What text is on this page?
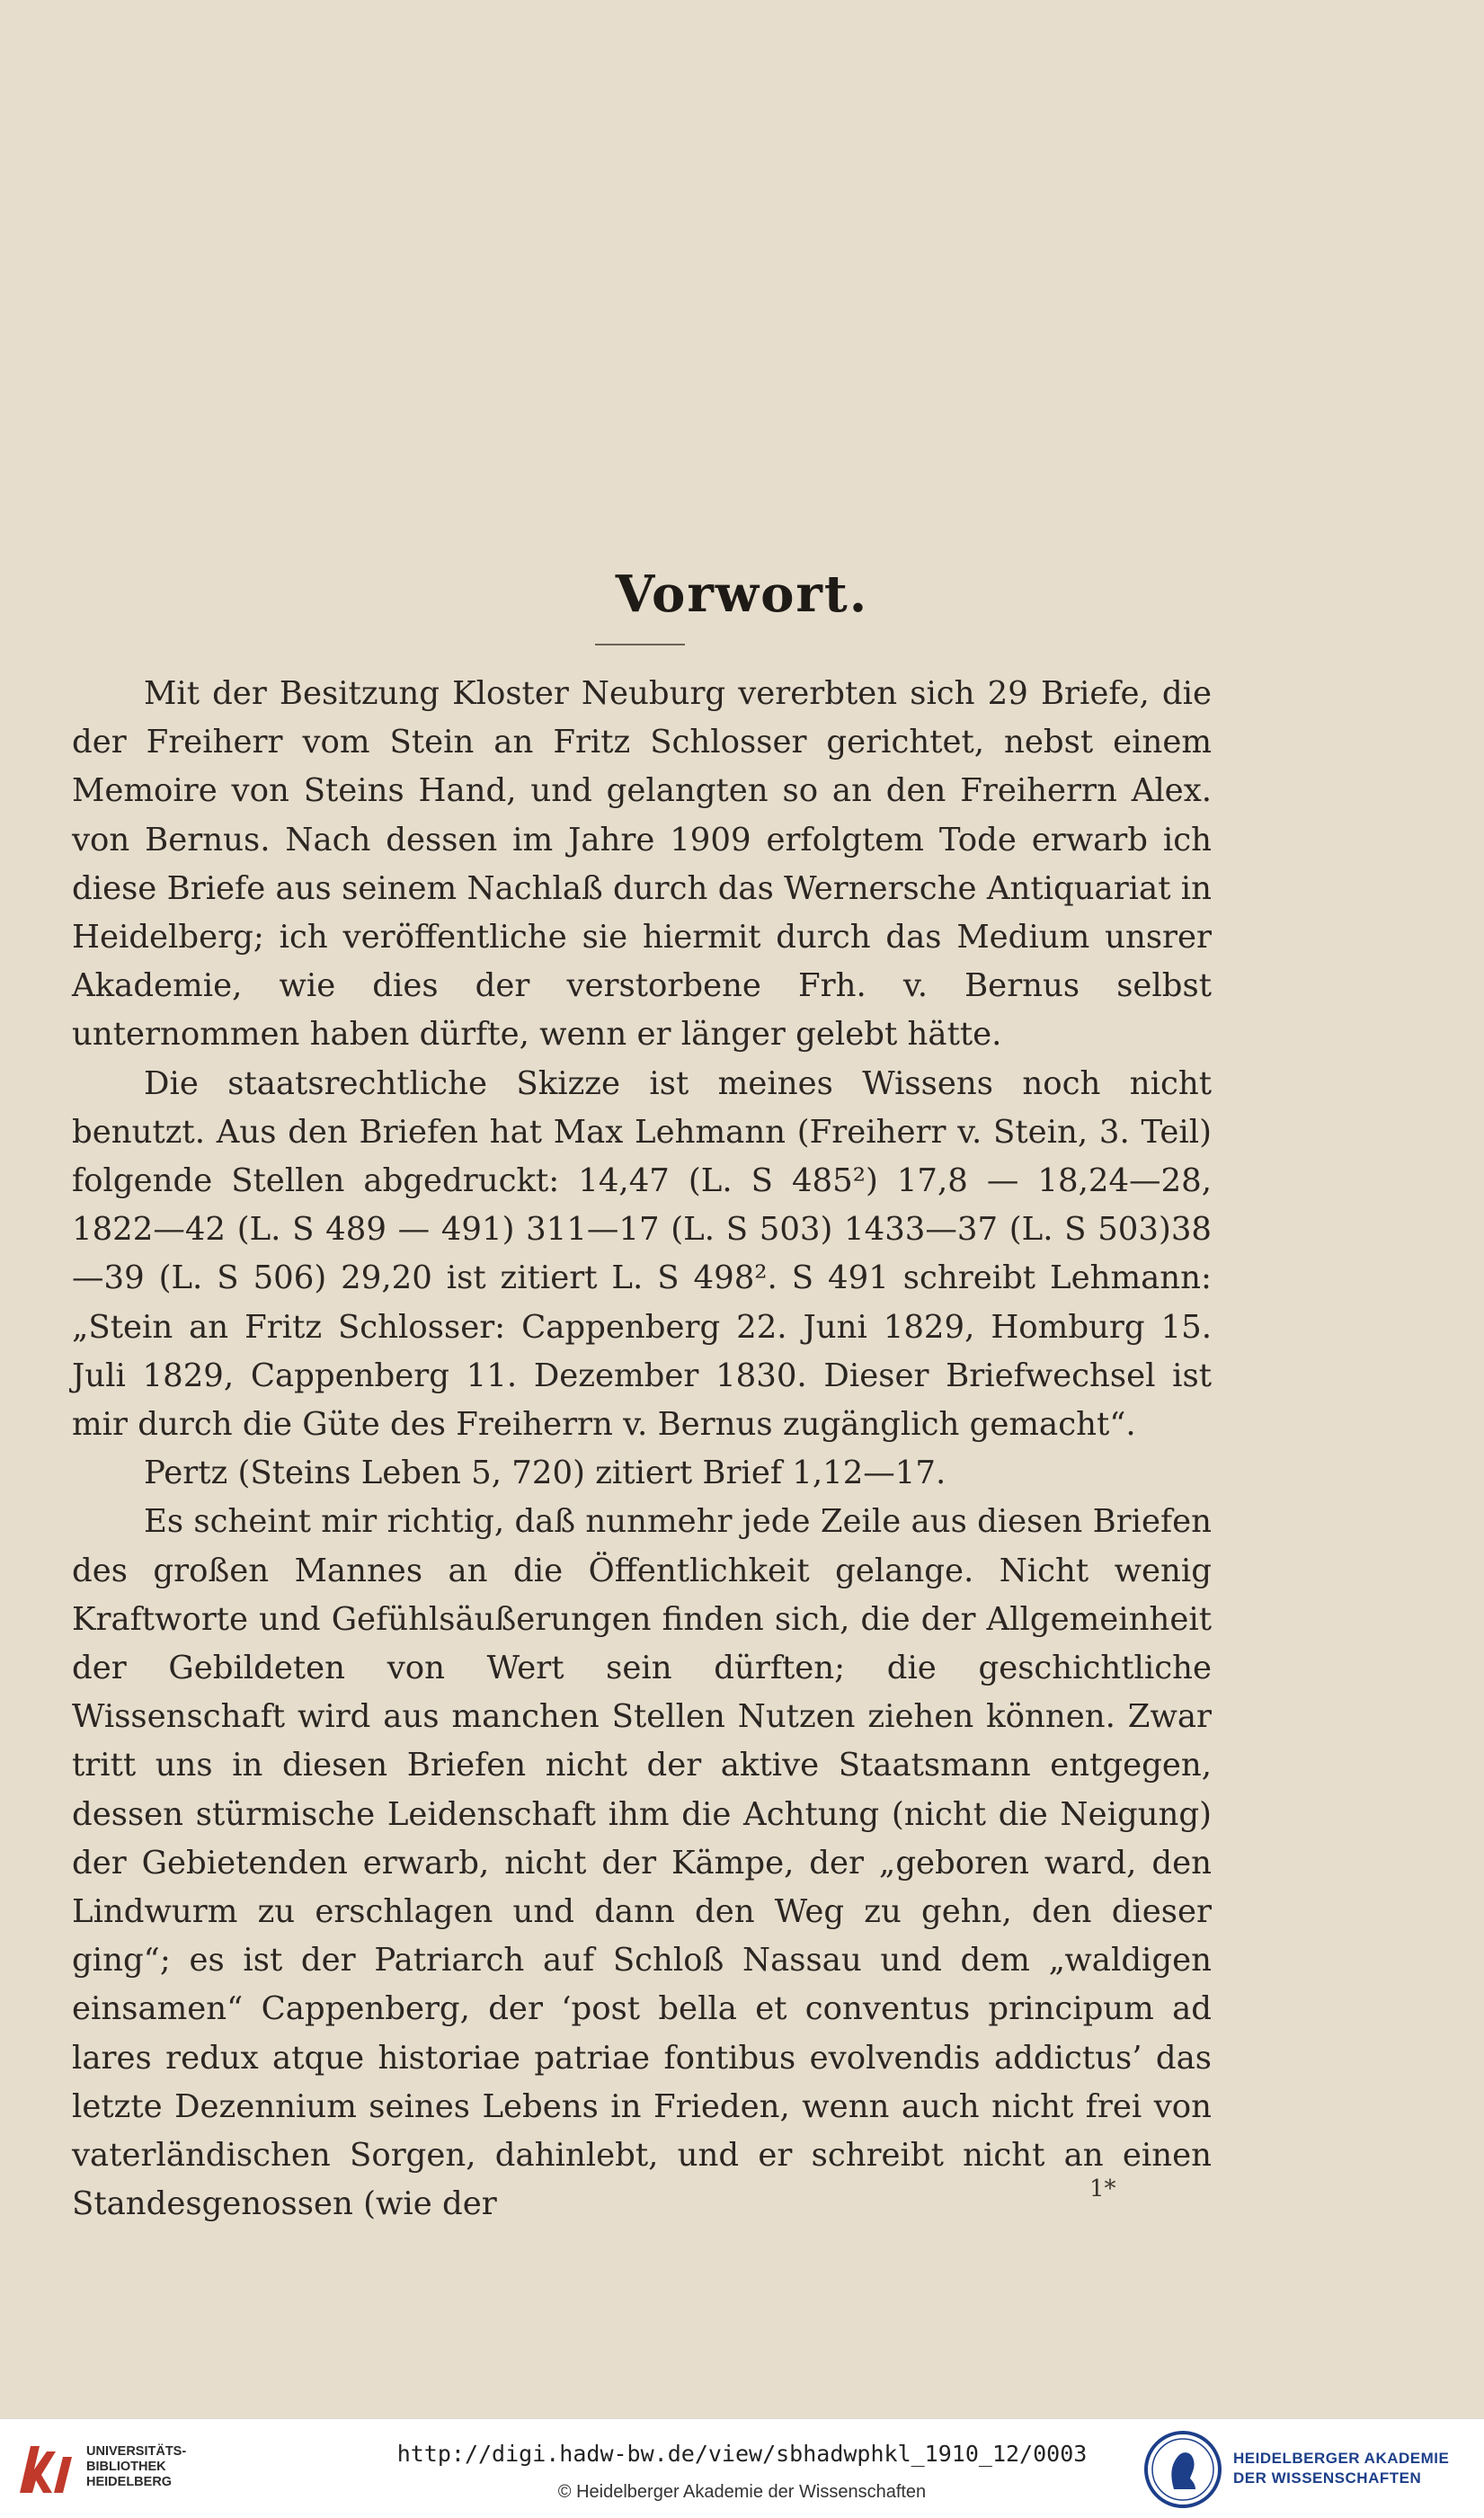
Vorwort.

Mit der Besitzung Kloster Neuburg vererbten sich 29 Briefe, die der Freiherr vom Stein an Fritz Schlosser gerichtet, nebst einem Memoire von Steins Hand, und gelangten so an den Freiherrn Alex. von Bernus. Nach dessen im Jahre 1909 erfolgtem Tode erwarb ich diese Briefe aus seinem Nachlaß durch das Wernersche Antiquariat in Heidelberg; ich veröffentliche sie hiermit durch das Medium unsrer Akademie, wie dies der verstorbene Frh. v. Bernus selbst unternommen haben dürfte, wenn er länger gelebt hätte.

Die staatsrechtliche Skizze ist meines Wissens noch nicht benutzt. Aus den Briefen hat Max Lehmann (Freiherr v. Stein, 3. Teil) folgende Stellen abgedruckt: 14,47 (L. S 485²) 17,8 — 18,24—28, 1822—42 (L. S 489 — 491) 311—17 (L. S 503) 1433—37 (L. S 503)38—39 (L. S 506) 29,20 ist zitiert L. S 498². S 491 schreibt Lehmann: „Stein an Fritz Schlosser: Cappenberg 22. Juni 1829, Homburg 15. Juli 1829, Cappenberg 11. Dezember 1830. Dieser Briefwechsel ist mir durch die Güte des Freiherrn v. Bernus zugänglich gemacht“.

Pertz (Steins Leben 5, 720) zitiert Brief 1,12—17.

Es scheint mir richtig, daß nunmehr jede Zeile aus diesen Briefen des großen Mannes an die Öffentlichkeit gelange. Nicht wenig Kraftworte und Gefühlsäußerungen finden sich, die der Allgemeinheit der Gebildeten von Wert sein dürften; die geschichtliche Wissenschaft wird aus manchen Stellen Nutzen ziehen können. Zwar tritt uns in diesen Briefen nicht der aktive Staatsmann entgegen, dessen stürmische Leidenschaft ihm die Achtung (nicht die Neigung) der Gebietenden erwarb, nicht der Kämpe, der „geboren ward, den Lindwurm zu erschlagen und dann den Weg zu gehn, den dieser ging“; es ist der Patriarch auf Schloß Nassau und dem „waldigen einsamen“ Cappenberg, der ‘post bella et conventus principum ad lares redux atque historiae patriae fontibus evolvendis addictus’ das letzte Dezennium seines Lebens in Frieden, wenn auch nicht frei von vaterländischen Sorgen, dahinlebt, und er schreibt nicht an einen Standesgenossen (wie der	1*
UNIVERSITÄTS-
BIBLIOTHEK
HEIDELBERG
http://digi.hadw-bw.de/view/sbhadwphkl_1910_12/0003
© Heidelberger Akademie der Wissenschaften
HEIDELBERGER AKADEMIE
DER WISSENSCHAFTEN
